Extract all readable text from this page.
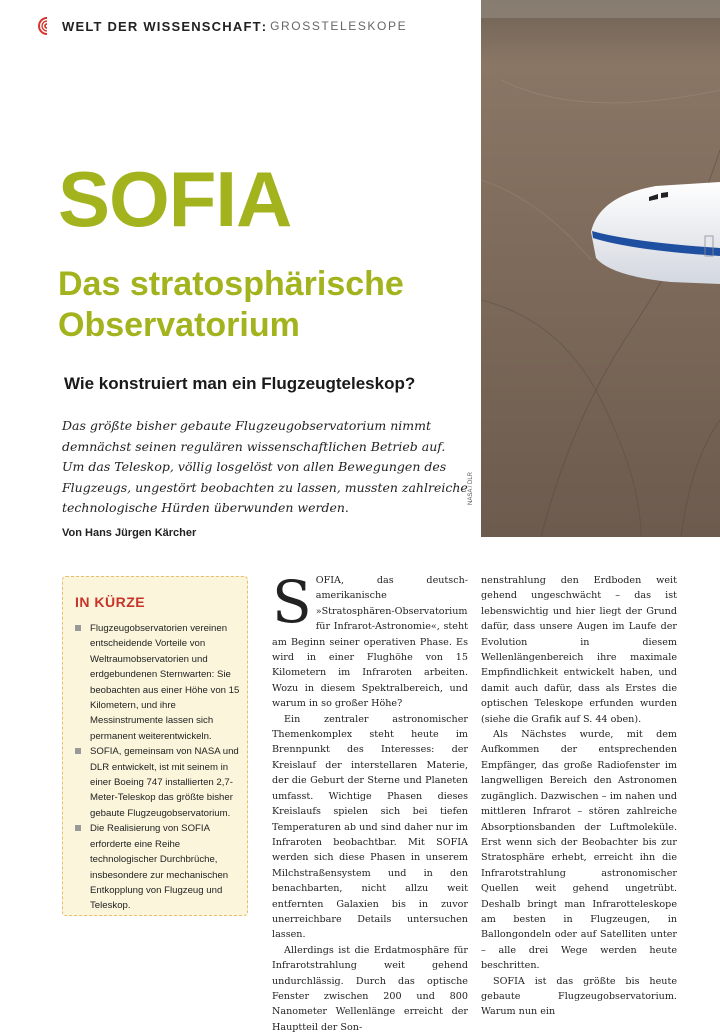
WELT DER WISSENSCHAFT : GROSSTELESKOPE
NASA / DLR
SOFIA
Das stratosphärische Observatorium
Wie konstruiert man ein Flugzeugteleskop?

Das größte bisher gebaute Flugzeugobservatorium nimmt demnächst seinen regulären wissenschaftlichen Betrieb auf. Um das Teleskop, völlig losgelöst von allen Bewegungen des Flugzeugs, ungestört beobachten zu lassen, mussten zahlreiche technologische Hürden überwunden werden.

Von Hans Jürgen Kärcher
IN KÜRZE
Flugzeugobservatorien vereinen entscheidende Vorteile von Weltraumobservatorien und erdgebundenen Sternwarten: Sie beobachten aus einer Höhe von 15 Kilometern, und ihre Messinstrumente lassen sich permanent weiterentwickeln.
SOFIA, gemeinsam von NASA und DLR entwickelt, ist mit seinem in einer Boeing 747 installierten 2,7-Meter-Teleskop das größte bisher gebaute Flugzeugobservatorium.
Die Realisierung von SOFIA erforderte eine Reihe technologischer Durchbrüche, insbesondere zur mechanischen Entkopplung von Flugzeug und Teleskop.
S OFIA, das deutsch-amerikanische »Stratosphären-Observatorium für Infrarot-Astronomie«, steht am Beginn seiner operativen Phase. Es wird in einer Flughöhe von 15 Kilometern im Infraroten arbeiten. Wozu in diesem Spektralbereich, und warum in so großer Höhe?

Ein zentraler astronomischer Themenkomplex steht heute im Brennpunkt des Interesses: der Kreislauf der interstellaren Materie, der die Geburt der Sterne und Planeten umfasst. Wichtige Phasen dieses Kreislaufs spielen sich bei tiefen Temperaturen ab und sind daher nur im Infraroten beobachtbar. Mit SOFIA werden sich diese Phasen in unserem Milchstraßensystem und in den benachbarten, nicht allzu weit entfernten Galaxien bis in zuvor unerreichbare Details untersuchen lassen.

Allerdings ist die Erdatmosphäre für Infrarotstrahlung weit gehend undurchlässig. Durch das optische Fenster zwischen 200 und 800 Nanometer Wellenlänge erreicht der Hauptteil der Son-

nenstrahlung den Erdboden weit gehend ungeschwächt – das ist lebenswichtig und hier liegt der Grund dafür, dass unsere Augen im Laufe der Evolution in diesem Wellenlängenbereich ihre maximale Empfindlichkeit entwickelt haben, und damit auch dafür, dass als Erstes die optischen Teleskope erfunden wurden (siehe die Grafik auf S. 44 oben).

Als Nächstes wurde, mit dem Aufkommen der entsprechenden Empfänger, das große Radiofenster im langwelligen Bereich den Astronomen zugänglich. Dazwischen – im nahen und mittleren Infrarot – stören zahlreiche Absorptionsbanden der Luftmoleküle. Erst wenn sich der Beobachter bis zur Stratosphäre erhebt, erreicht ihn die Infrarotstrahlung astronomischer Quellen weit gehend ungetrübt. Deshalb bringt man Infrarotteleskope am besten in Flugzeugen, in Ballongondeln oder auf Satelliten unter – alle drei Wege werden heute beschritten.

SOFIA ist das größte bis heute gebaute Flugzeugobservatorium. Warum nun ein
